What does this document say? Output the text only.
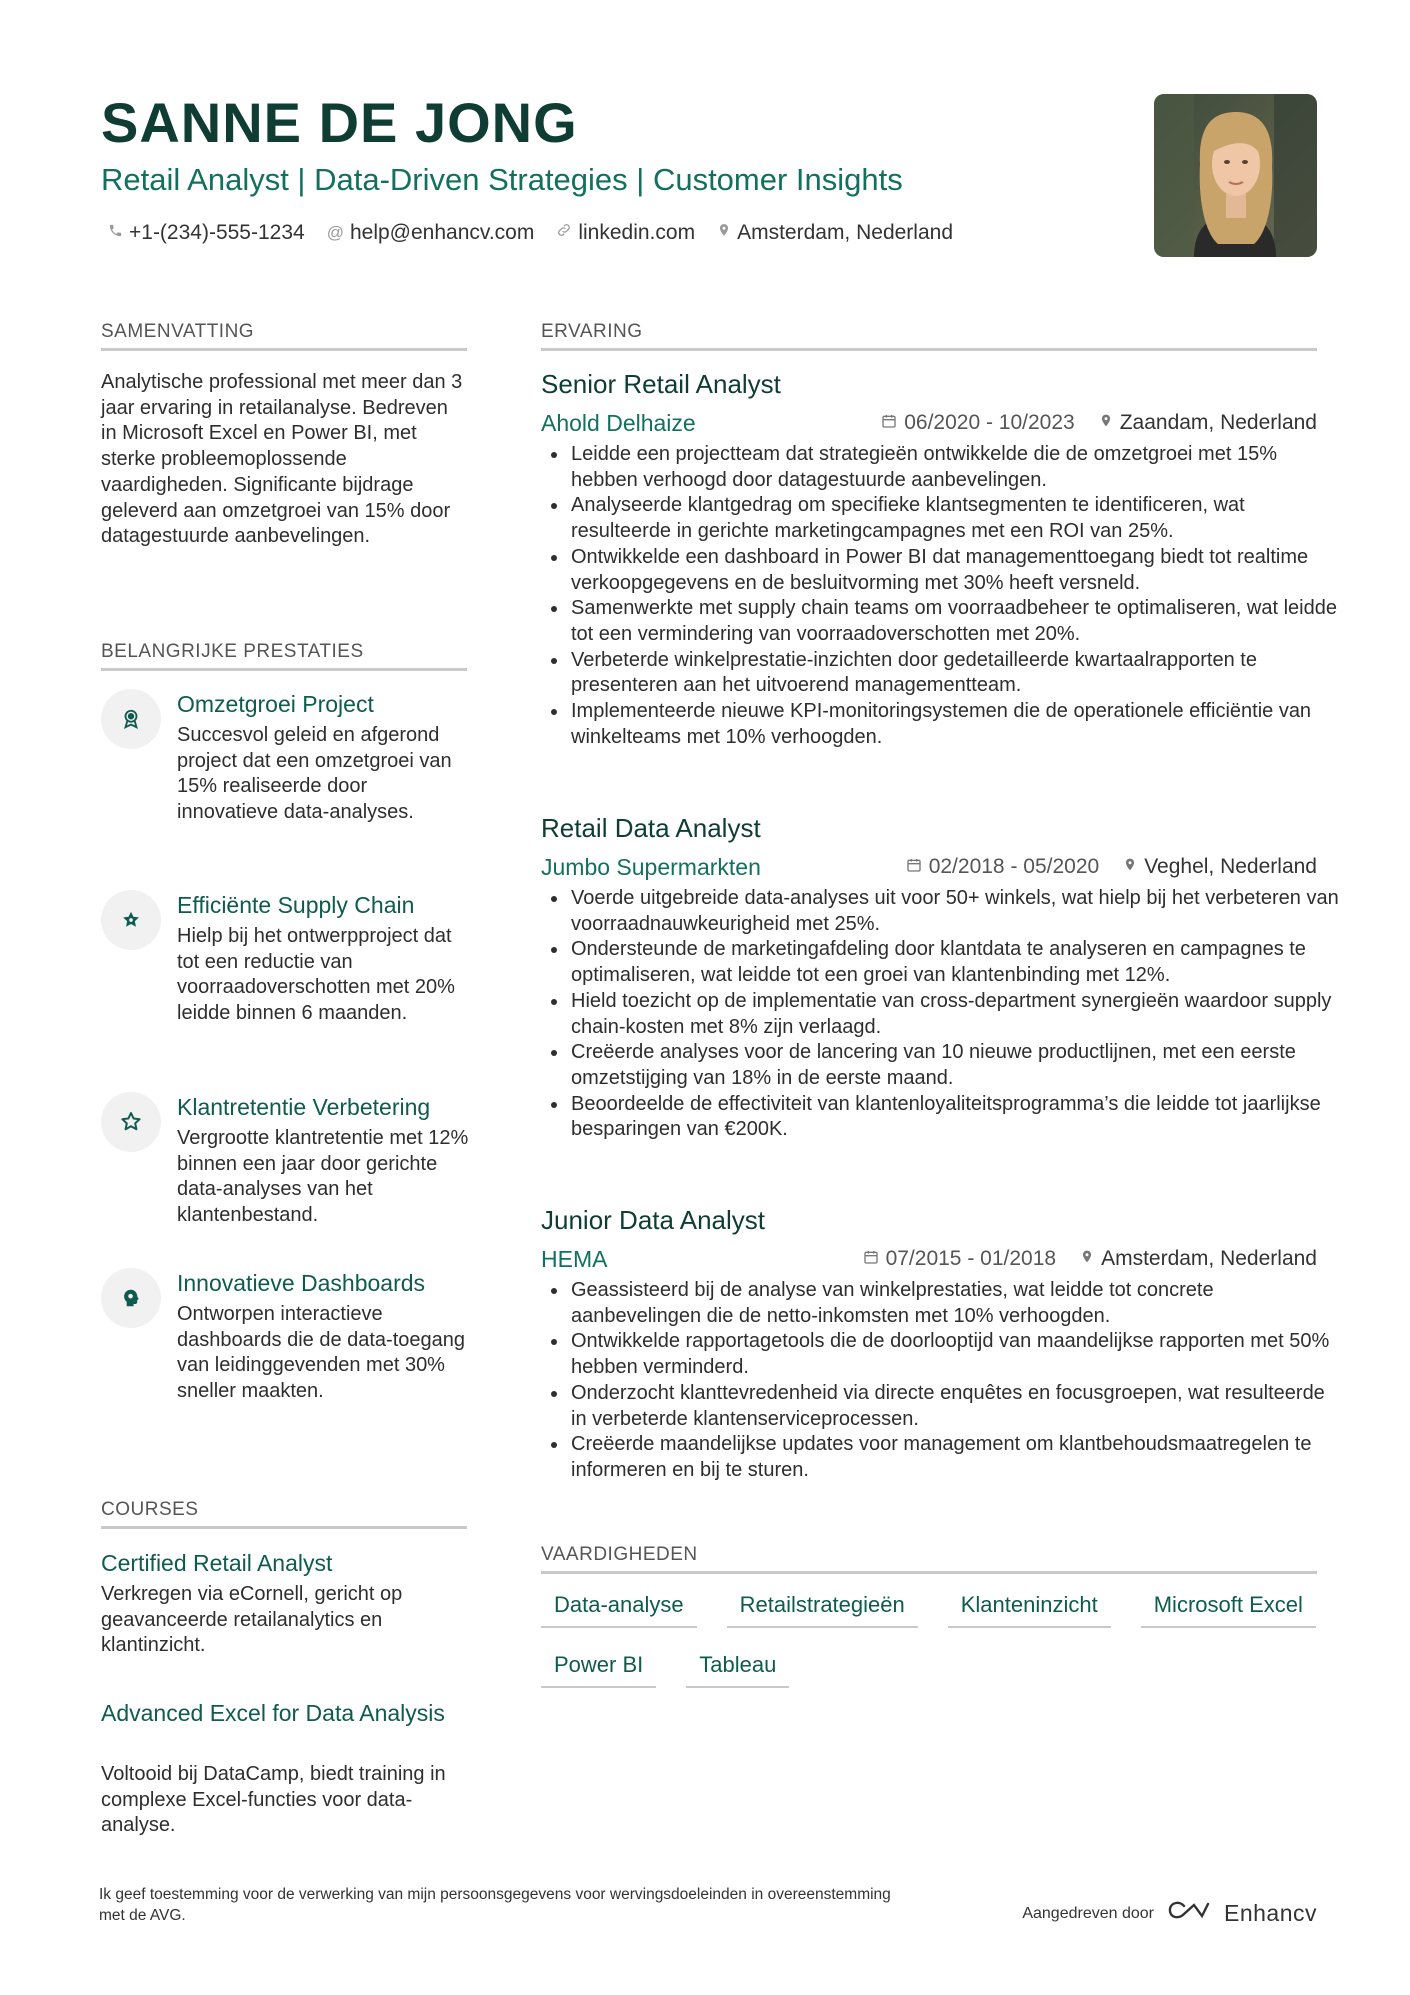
SANNE DE JONG
Retail Analyst | Data-Driven Strategies | Customer Insights
+1-(234)-555-1234 @ help@enhancv.com linkedin.com Amsterdam, Nederland
SAMENVATTING

Analytische professional met meer dan 3 jaar ervaring in retailanalyse. Bedreven in Microsoft Excel en Power BI, met sterke probleemoplossende vaardigheden. Significante bijdrage geleverd aan omzetgroei van 15% door datagestuurde aanbevelingen.

BELANGRIJKE PRESTATIES
Omzetgroei Project

Succesvol geleid en afgerond project dat een omzetgroei van 15% realiseerde door innovatieve data-analyses.

Efficiënte Supply Chain

Hielp bij het ontwerpproject dat tot een reductie van voorraadoverschotten met 20% leidde binnen 6 maanden.

Klantretentie Verbetering

Vergrootte klantretentie met 12% binnen een jaar door gerichte data-analyses van het klantenbestand.

Innovatieve Dashboards

Ontworpen interactieve dashboards die de data-toegang van leidinggevenden met 30% sneller maakten.

COURSES
Certified Retail Analyst

Verkregen via eCornell, gericht op geavanceerde retailanalytics en klantinzicht.

Advanced Excel for Data Analysis

Voltooid bij DataCamp, biedt training in complexe Excel-functies voor data-analyse.

ERVARING
Senior Retail Analyst
Ahold Delhaize	06/2020 - 10/2023 Zaandam, Nederland
• Leidde een projectteam dat strategieën ontwikkelde die de omzetgroei met 15% hebben verhoogd door datagestuurde aanbevelingen.
• Analyseerde klantgedrag om specifieke klantsegmenten te identificeren, wat resulteerde in gerichte marketingcampagnes met een ROI van 25%.
• Ontwikkelde een dashboard in Power BI dat managementtoegang biedt tot realtime verkoopgegevens en de besluitvorming met 30% heeft versneld.
• Samenwerkte met supply chain teams om voorraadbeheer te optimaliseren, wat leidde tot een vermindering van voorraadoverschotten met 20%.
• Verbeterde winkelprestatie-inzichten door gedetailleerde kwartaalrapporten te presenteren aan het uitvoerend managementteam.
• Implementeerde nieuwe KPI-monitoringsystemen die de operationele efficiëntie van winkelteams met 10% verhoogden.
Retail Data Analyst
Jumbo Supermarkten	02/2018 - 05/2020 Veghel, Nederland
• Voerde uitgebreide data-analyses uit voor 50+ winkels, wat hielp bij het verbeteren van voorraadnauwkeurigheid met 25%.
• Ondersteunde de marketingafdeling door klantdata te analyseren en campagnes te optimaliseren, wat leidde tot een groei van klantenbinding met 12%.
• Hield toezicht op de implementatie van cross-department synergieën waardoor supply chain-kosten met 8% zijn verlaagd.
• Creëerde analyses voor de lancering van 10 nieuwe productlijnen, met een eerste omzetstijging van 18% in de eerste maand.
• Beoordeelde de effectiviteit van klantenloyaliteitsprogramma’s die leidde tot jaarlijkse besparingen van €200K.
Junior Data Analyst
HEMA	07/2015 - 01/2018 Amsterdam, Nederland
• Geassisteerd bij de analyse van winkelprestaties, wat leidde tot concrete aanbevelingen die de netto-inkomsten met 10% verhoogden.
• Ontwikkelde rapportagetools die de doorlooptijd van maandelijkse rapporten met 50% hebben verminderd.
• Onderzocht klanttevredenheid via directe enquêtes en focusgroepen, wat resulteerde in verbeterde klantenserviceprocessen.
• Creëerde maandelijkse updates voor management om klantbehoudsmaatregelen te informeren en bij te sturen.
VAARDIGHEDEN
Data-analyse	Retailstrategieën	Klanteninzicht	Microsoft Excel
Power BI	Tableau

Ik geef toestemming voor de verwerking van mijn persoonsgegevens voor wervingsdoeleinden in overeenstemming met de AVG.	Aangedreven door	Enhancv
